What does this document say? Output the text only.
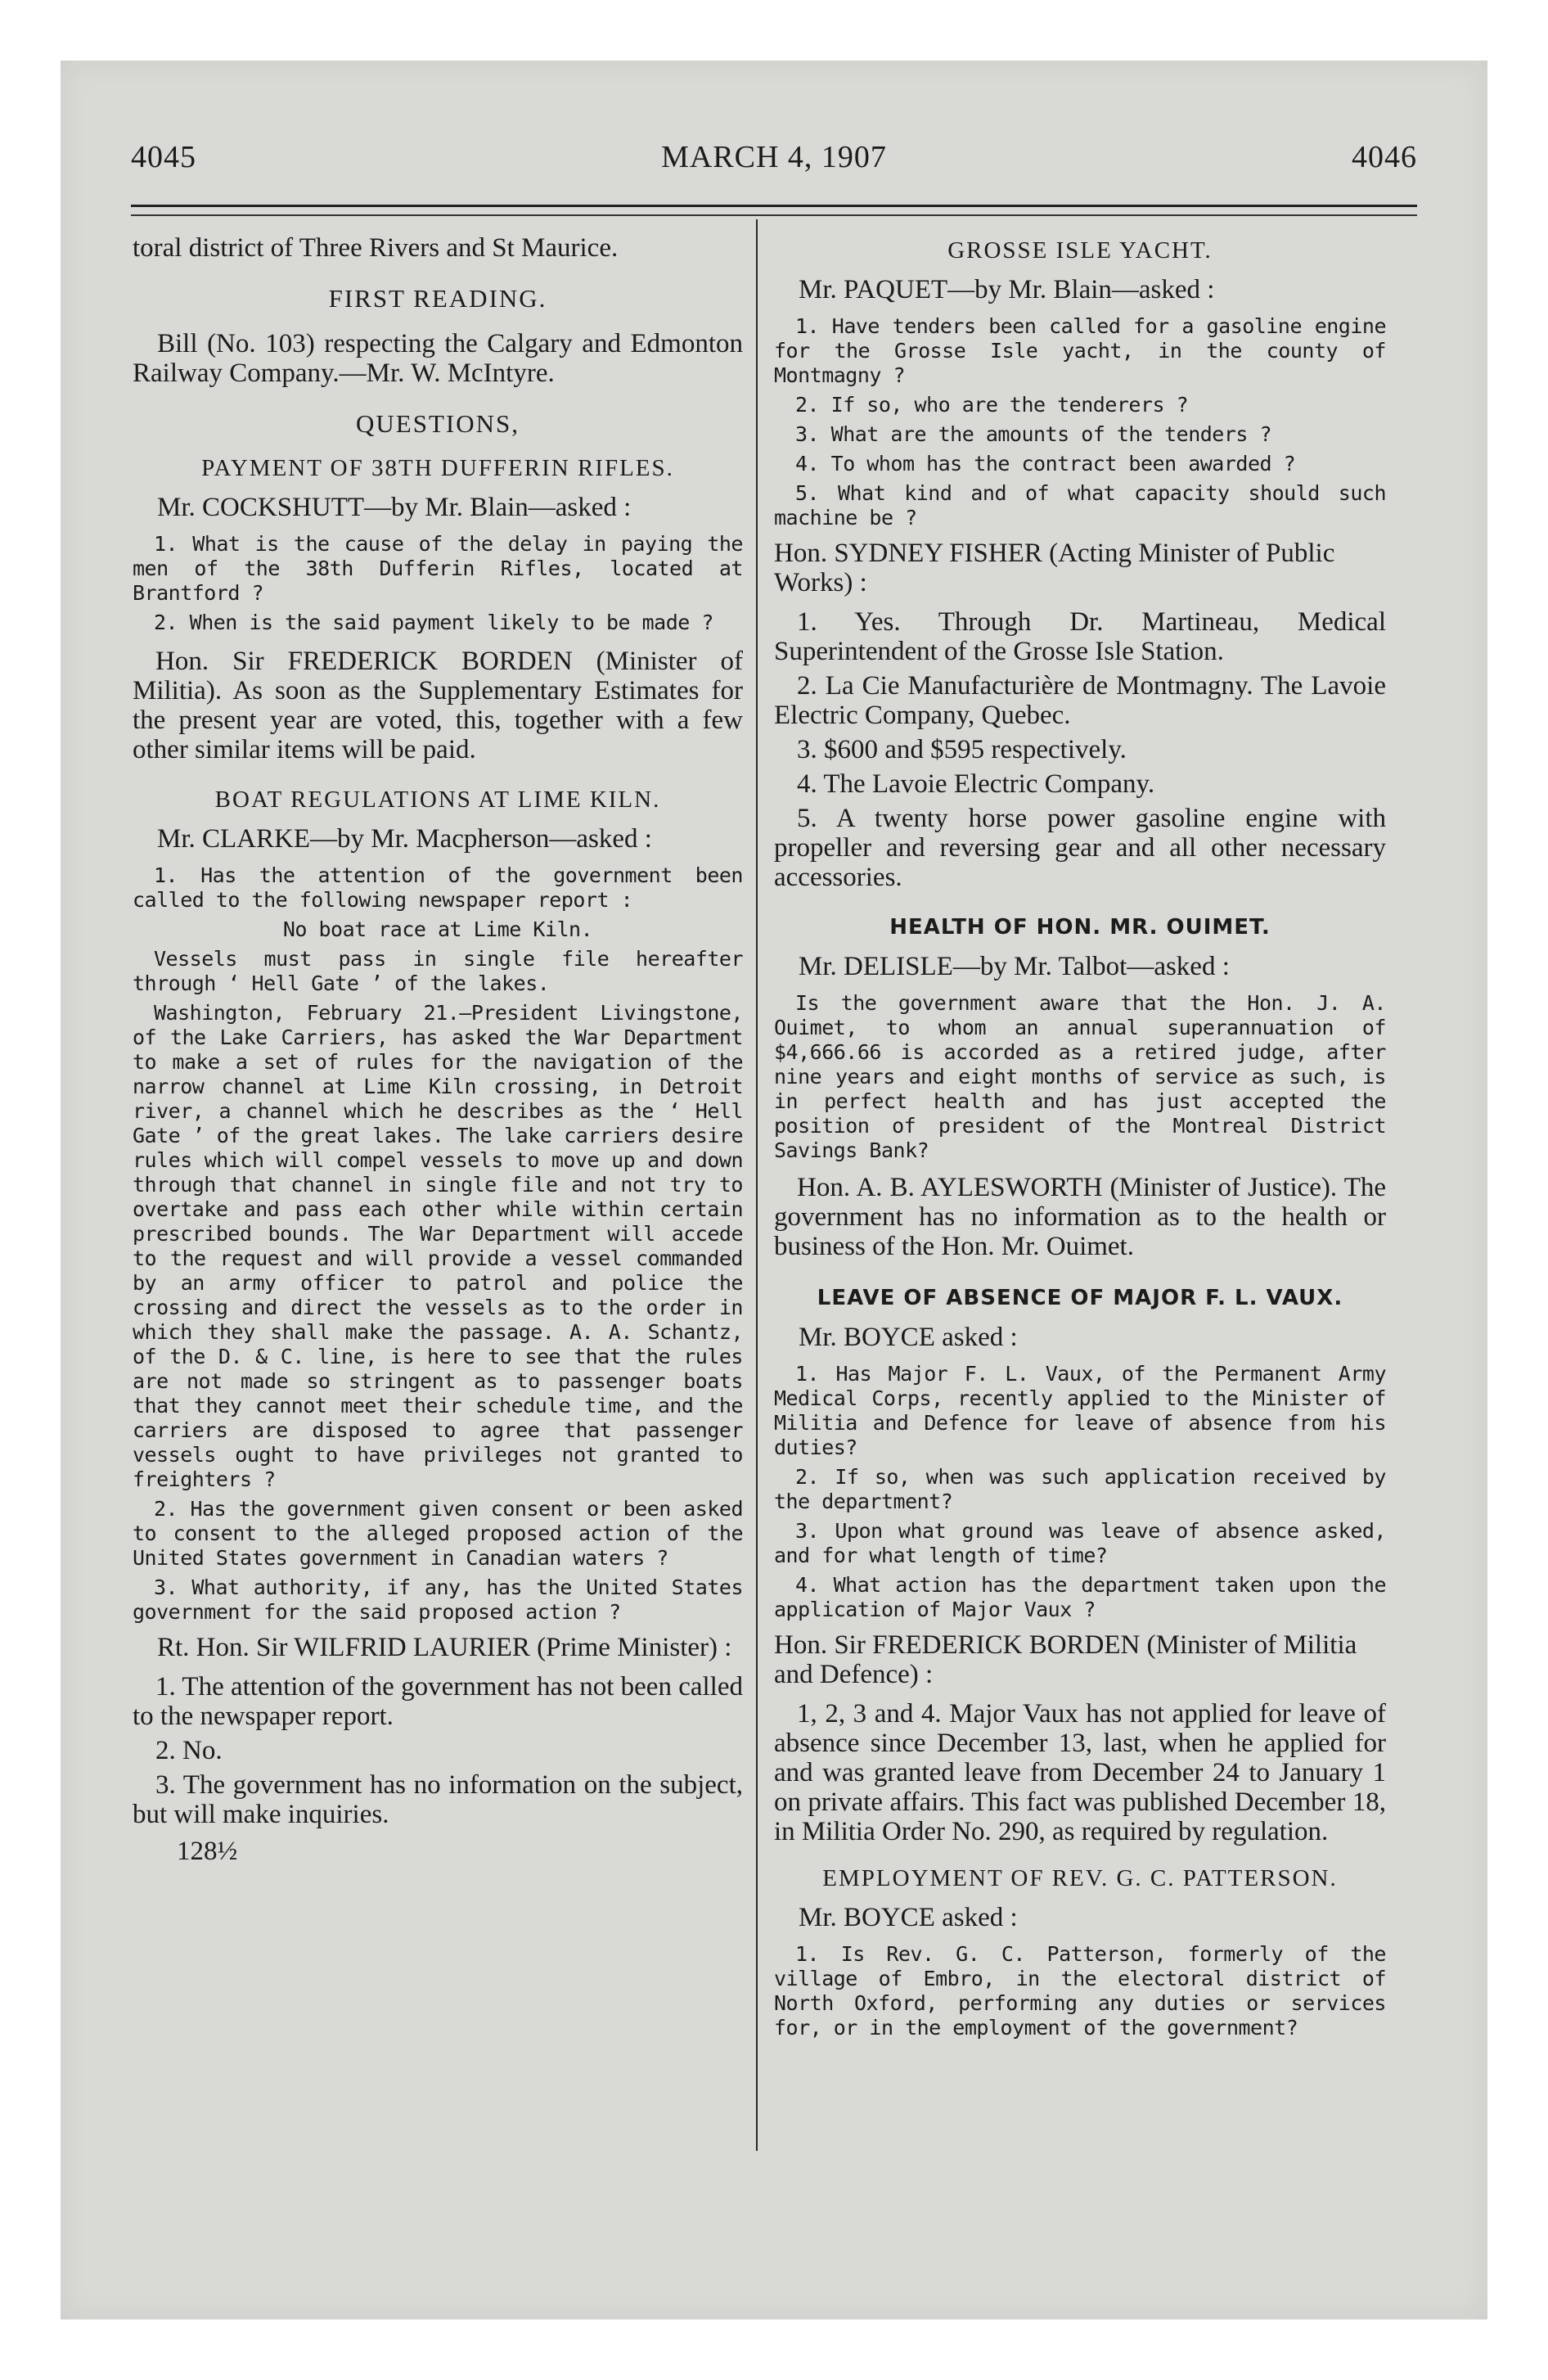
4045	MARCH 4, 1907	4046

toral district of Three Rivers and St Maurice.

FIRST READING.

Bill (No. 103) respecting the Calgary and Edmonton Railway Company.—Mr. W. McIntyre.

QUESTIONS,
PAYMENT OF 38TH DUFFERIN RIFLES.

Mr. COCKSHUTT—by Mr. Blain—asked :

1. What is the cause of the delay in paying the men of the 38th Dufferin Rifles, located at Brantford ?

2. When is the said payment likely to be made ?

Hon. Sir FREDERICK BORDEN (Minister of Militia). As soon as the Supplementary Estimates for the present year are voted, this, together with a few other similar items will be paid.

BOAT REGULATIONS AT LIME KILN.

Mr. CLARKE—by Mr. Macpherson—asked :

1. Has the attention of the government been called to the following newspaper report :

No boat race at Lime Kiln.

Vessels must pass in single file hereafter through ‘ Hell Gate ’ of the lakes.

Washington, February 21.—President Livingstone, of the Lake Carriers, has asked the War Department to make a set of rules for the navigation of the narrow channel at Lime Kiln crossing, in Detroit river, a channel which he describes as the ‘ Hell Gate ’ of the great lakes. The lake carriers desire rules which will compel vessels to move up and down through that channel in single file and not try to overtake and pass each other while within certain prescribed bounds. The War Department will accede to the request and will provide a vessel commanded by an army officer to patrol and police the crossing and direct the vessels as to the order in which they shall make the passage. A. A. Schantz, of the D. & C. line, is here to see that the rules are not made so stringent as to passenger boats that they cannot meet their schedule time, and the carriers are disposed to agree that passenger vessels ought to have privileges not granted to freighters ?

2. Has the government given consent or been asked to consent to the alleged proposed action of the United States government in Canadian waters ?

3. What authority, if any, has the United States government for the said proposed action ?

Rt. Hon. Sir WILFRID LAURIER (Prime Minister) :

1. The attention of the government has not been called to the newspaper report.

2. No.

3. The government has no information on the subject, but will make inquiries.

128½
GROSSE ISLE YACHT.

Mr. PAQUET—by Mr. Blain—asked :

1. Have tenders been called for a gasoline engine for the Grosse Isle yacht, in the county of Montmagny ?

2. If so, who are the tenderers ?

3. What are the amounts of the tenders ?

4. To whom has the contract been awarded ?

5. What kind and of what capacity should such machine be ?

Hon. SYDNEY FISHER (Acting Minister of Public Works) :

1. Yes. Through Dr. Martineau, Medical Superintendent of the Grosse Isle Station.

2. La Cie Manufacturière de Montmagny. The Lavoie Electric Company, Quebec.

3. $600 and $595 respectively.

4. The Lavoie Electric Company.

5. A twenty horse power gasoline engine with propeller and reversing gear and all other necessary accessories.

HEALTH OF HON. MR. OUIMET.

Mr. DELISLE—by Mr. Talbot—asked :

Is the government aware that the Hon. J. A. Ouimet, to whom an annual superannuation of $4,666.66 is accorded as a retired judge, after nine years and eight months of service as such, is in perfect health and has just accepted the position of president of the Montreal District Savings Bank?

Hon. A. B. AYLESWORTH (Minister of Justice). The government has no information as to the health or business of the Hon. Mr. Ouimet.

LEAVE OF ABSENCE OF MAJOR F. L. VAUX.

Mr. BOYCE asked :

1. Has Major F. L. Vaux, of the Permanent Army Medical Corps, recently applied to the Minister of Militia and Defence for leave of absence from his duties?

2. If so, when was such application received by the department?

3. Upon what ground was leave of absence asked, and for what length of time?

4. What action has the department taken upon the application of Major Vaux ?

Hon. Sir FREDERICK BORDEN (Minister of Militia and Defence) :

1, 2, 3 and 4. Major Vaux has not applied for leave of absence since December 13, last, when he applied for and was granted leave from December 24 to January 1 on private affairs. This fact was published December 18, in Militia Order No. 290, as required by regulation.

EMPLOYMENT OF REV. G. C. PATTERSON.

Mr. BOYCE asked :

1. Is Rev. G. C. Patterson, formerly of the village of Embro, in the electoral district of North Oxford, performing any duties or services for, or in the employment of the government?
